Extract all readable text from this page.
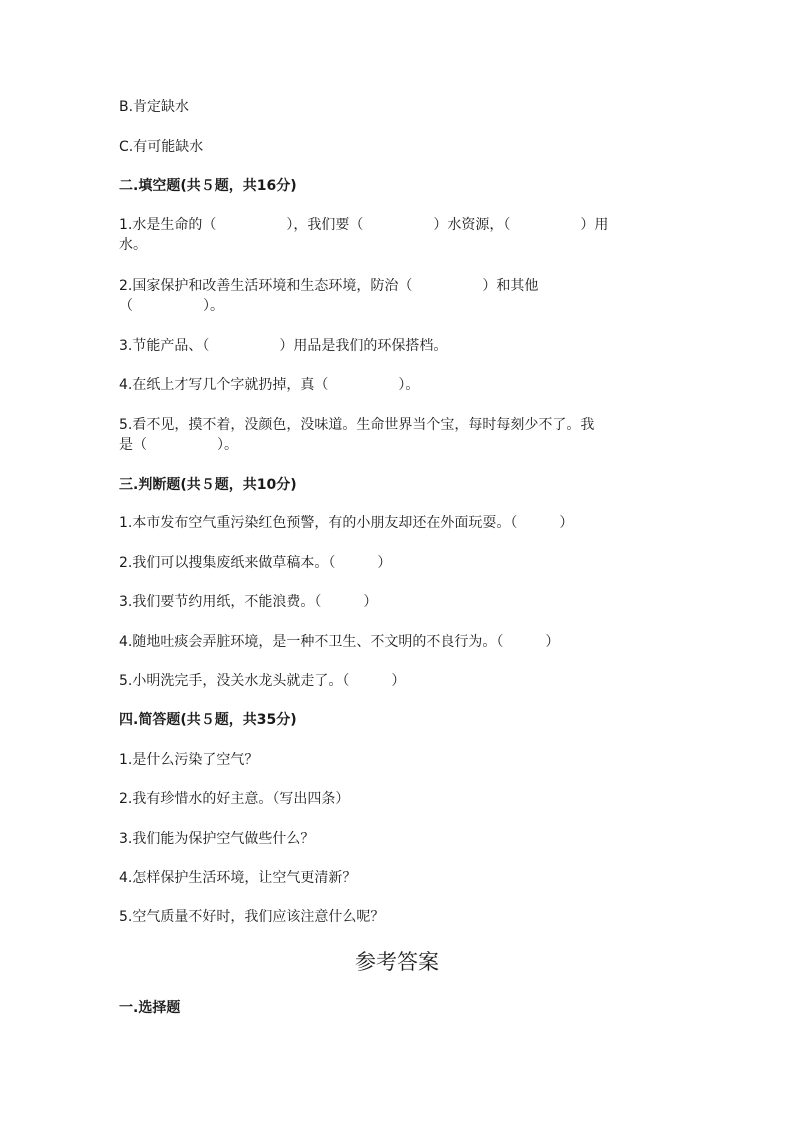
B.肯定缺水
C.有可能缺水
二.填空题(共５题，共16分)
1.水是生命的（　　　　　），我们要（　　　　　）水资源，（　　　　　）用
水。
2.国家保护和改善生活环境和生态环境，防治（　　　　　）和其他
（　　　　　）。
3.节能产品、（　　　　　）用品是我们的环保搭档。
4.在纸上才写几个字就扔掉，真（　　　　　）。
5.看不见，摸不着，没颜色，没味道。生命世界当个宝，每时每刻少不了。我
是（　　　　　）。
三.判断题(共５题，共10分)
1.本市发布空气重污染红色预警，有的小朋友却还在外面玩耍。（　　　）
2.我们可以搜集废纸来做草稿本。（　　　）
3.我们要节约用纸，不能浪费。（　　　）
4.随地吐痰会弄脏环境，是一种不卫生、不文明的不良行为。（　　　）
5.小明洗完手，没关水龙头就走了。（　　　）
四.简答题(共５题，共35分)
1.是什么污染了空气？
2.我有珍惜水的好主意。（写出四条）
3.我们能为保护空气做些什么？
4.怎样保护生活环境，让空气更清新？
5.空气质量不好时，我们应该注意什么呢？
参考答案
一.选择题
